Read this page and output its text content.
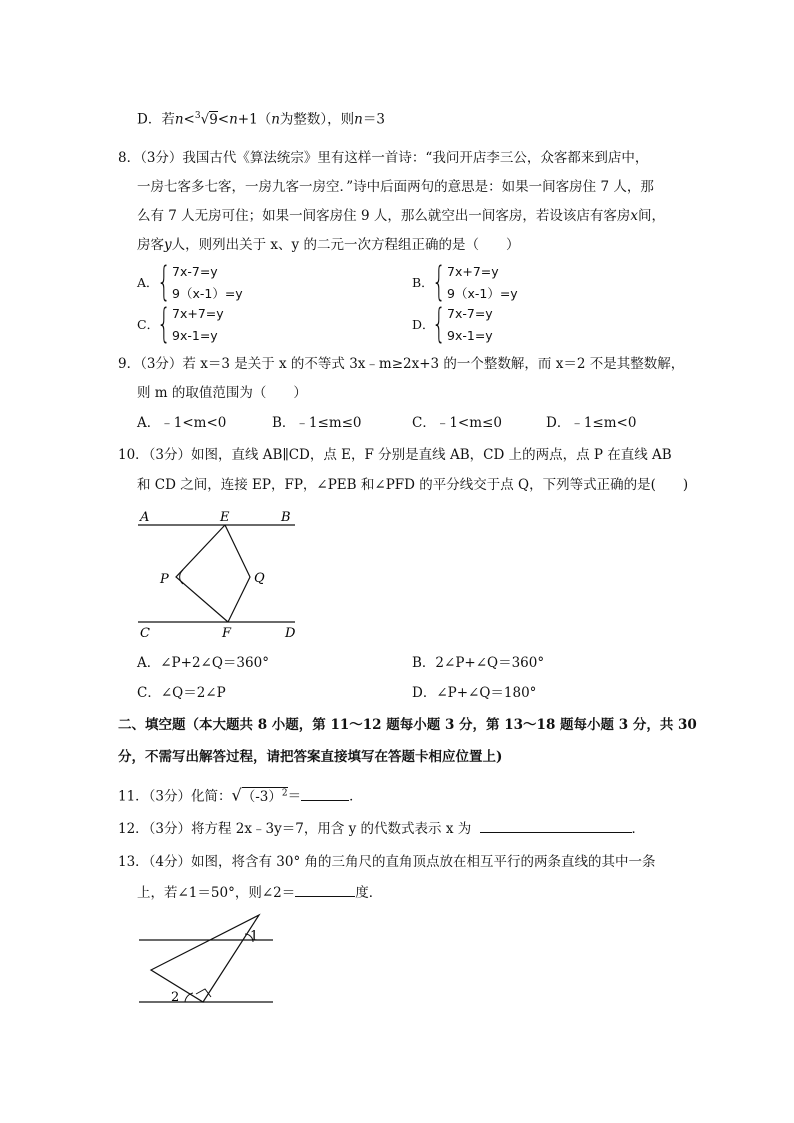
D．若n<$^3$√9<n+1（n为整数），则n＝3
8．（3分）我国古代《算法统宗》里有这样一首诗：“我问开店李三公，众客都来到店中，
一房七客多七客，一房九客一房空．”诗中后面两句的意思是：如果一间客房住 7 人，那
么有 7 人无房可住；如果一间客房住 9 人，那么就空出一间客房，若设该店有客房x间，
房客y人，则列出关于 x、y 的二元一次方程组正确的是（　　）
A．
{ 7x-7=y
9（x-1）=y
B．
{ 7x+7=y
9（x-1）=y
C．
{ 7x+7=y
9x-1=y
D．
{ 7x-7=y
9x-1=y
9．（3分）若 x＝3 是关于 x 的不等式 3x﹣m≥2x+3 的一个整数解，而 x＝2 不是其整数解，
则 m 的取值范围为（　　）
A．﹣1<m<0	B．﹣1≤m≤0	C．﹣1<m≤0	D．﹣1≤m<0
10．（3分）如图，直线 AB∥CD，点 E，F 分别是直线 AB，CD 上的两点，点 P 在直线 AB
和 CD 之间，连接 EP，FP，∠PEB 和∠PFD 的平分线交于点 Q，下列等式正确的是(　　)
A	E	B
P	Q
C	F	D
A．∠P+2∠Q＝360°	B．2∠P+∠Q＝360°
C．∠Q＝2∠P	D．∠P+∠Q＝180°
二、填空题（本大题共 8 小题，第 11～12 题每小题 3 分，第 13～18 题每小题 3 分，共 30
分，不需写出解答过程，请把答案直接填写在答题卡相应位置上)
11．（3分）化简：$√(-3)^2=$	．
12．（3分）将方程 2x﹣3y＝7，用含 y 的代数式表示 x 为	．
13．（4分）如图，将含有 30° 角的三角尺的直角顶点放在相互平行的两条直线的其中一条
上，若∠1＝50°，则∠2＝	度．
1
2
